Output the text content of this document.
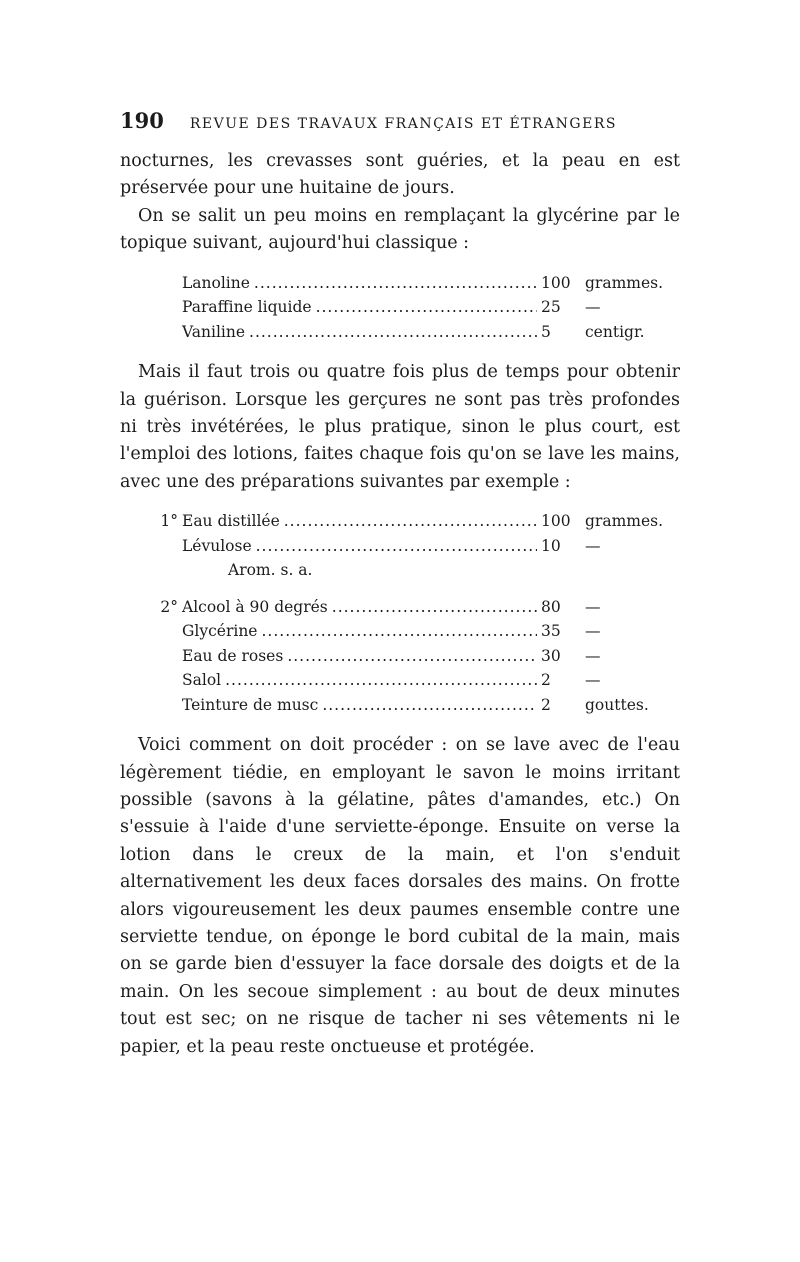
190 REVUE DES TRAVAUX FRANÇAIS ET ÉTRANGERS

nocturnes, les crevasses sont guéries, et la peau en est préservée pour une huitaine de jours.

On se salit un peu moins en remplaçant la glycérine par le topique suivant, aujourd'hui classique :

Lanoline .....	100 grammes.
Paraffine liquide .....	25	—
Vaniline .....	5	centigr.

Mais il faut trois ou quatre fois plus de temps pour obtenir la guérison. Lorsque les gerçures ne sont pas très profondes ni très invétérées, le plus pratique, sinon le plus court, est l'emploi des lotions, faites chaque fois qu'on se lave les mains, avec une des préparations suivantes par exemple :

1° Eau distillée .....	100 grammes.
Lévulose .....	10	—
Arom. s. a.
2° Alcool à 90 degrés .....	80	—
Glycérine .....	35	—
Eau de roses .....	30	—
Salol .....	2	—
Teinture de musc .....	2	gouttes.

Voici comment on doit procéder : on se lave avec de l'eau légèrement tiédie, en employant le savon le moins irritant possible (savons à la gélatine, pâtes d'amandes, etc.) On s'essuie à l'aide d'une serviette-éponge. Ensuite on verse la lotion dans le creux de la main, et l'on s'enduit alternativement les deux faces dorsales des mains. On frotte alors vigoureusement les deux paumes ensemble contre une serviette tendue, on éponge le bord cubital de la main, mais on se garde bien d'essuyer la face dorsale des doigts et de la main. On les secoue simplement : au bout de deux minutes tout est sec; on ne risque de tacher ni ses vêtements ni le papier, et la peau reste onctueuse et protégée.
